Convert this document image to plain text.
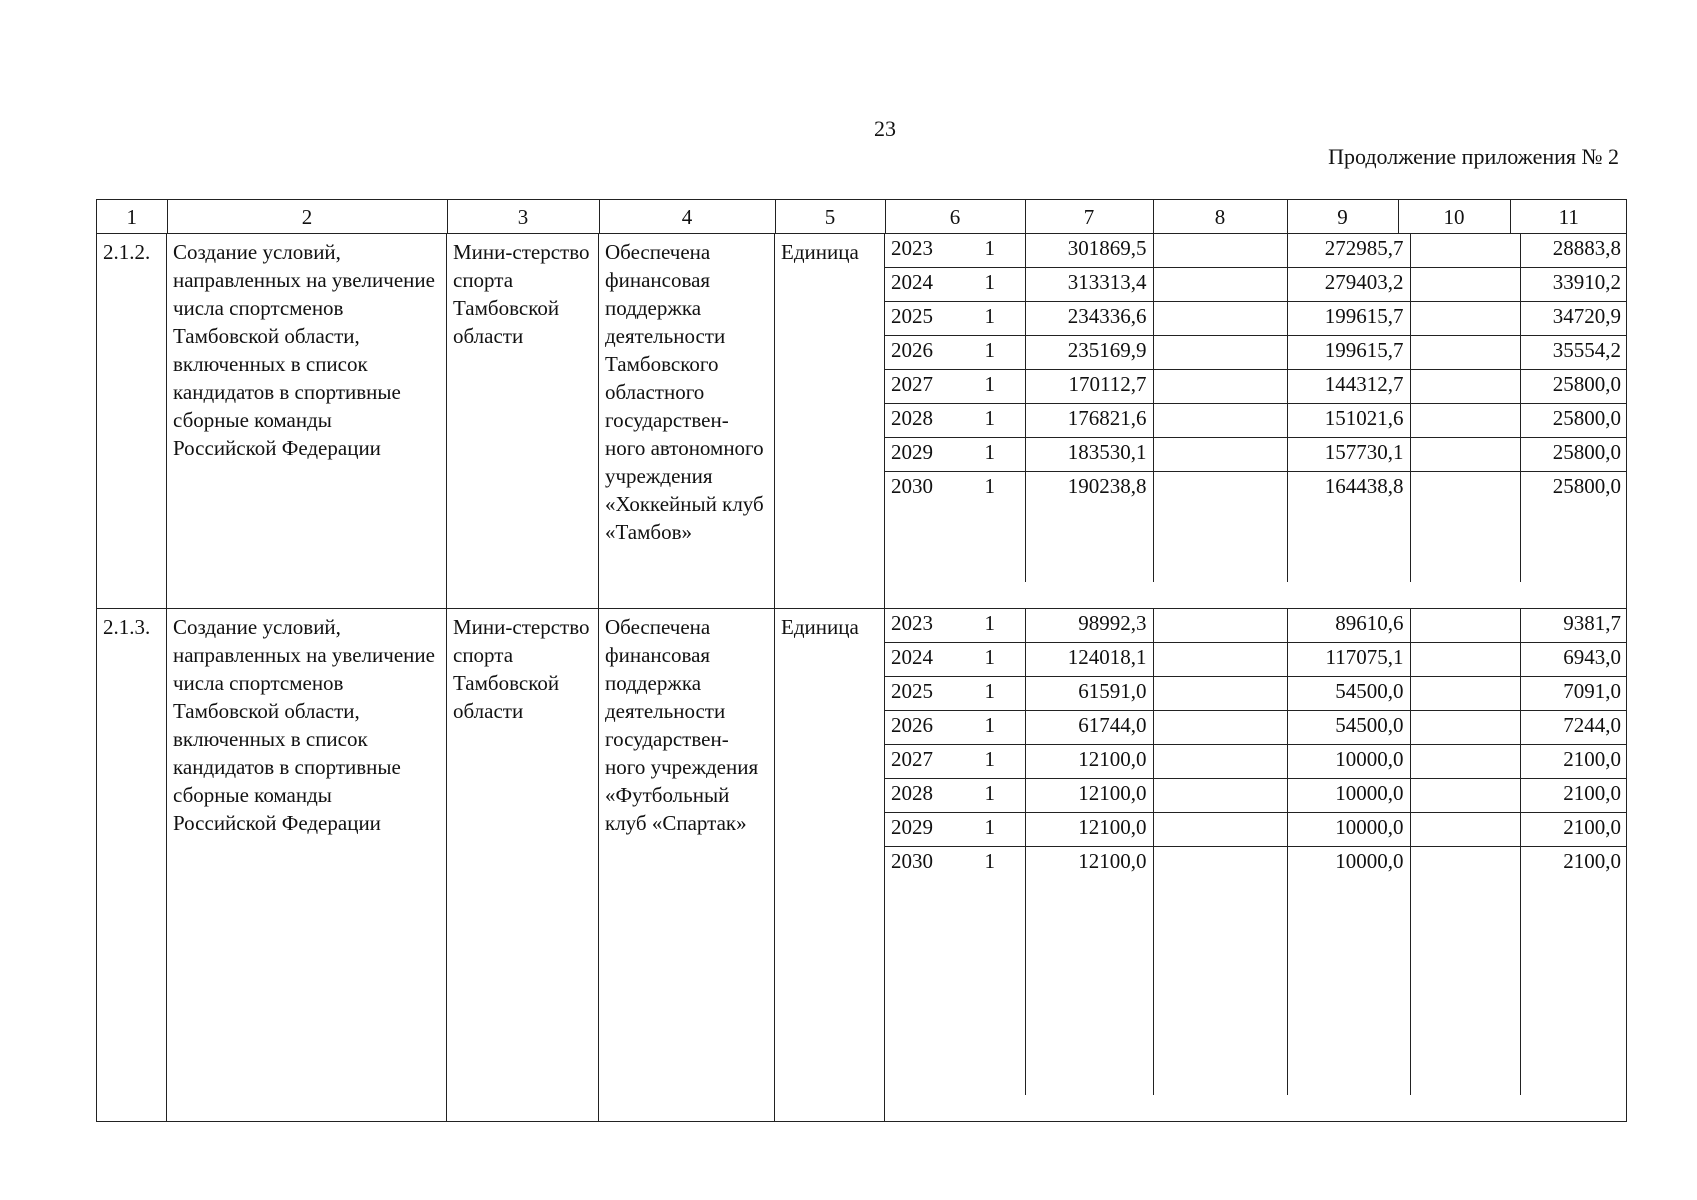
23
Продолжение приложения № 2
1	2	3	4	5	6	7	8	9	10	11

2.1.2.	Создание условий, направленных на увеличение числа спортсменов Тамбовской области, включенных в список кандидатов в спортивные сборные команды Российской Федерации	Мини-стерство спорта Тамбовской области	Обеспечена финансовая поддержка деятельности Тамбовского областного государствен-ного автономного учреждения «Хоккейный клуб «Тамбов»	Единица	2023	1	301869,5		272985,7		28883,8
2024	1	313313,4		279403,2		33910,2
2025	1	234336,6		199615,7		34720,9
2026	1	235169,9		199615,7		35554,2
2027	1	170112,7		144312,7		25800,0
2028	1	176821,6		151021,6		25800,0
2029	1	183530,1		157730,1		25800,0
2030	1	190238,8		164438,8		25800,0

2.1.3.	Создание условий, направленных на увеличение числа спортсменов Тамбовской области, включенных в список кандидатов в спортивные сборные команды Российской Федерации	Мини-стерство спорта Тамбовской области	Обеспечена финансовая поддержка деятельности государствен-ного учреждения «Футбольный клуб «Спартак»	Единица	2023	1	98992,3		89610,6		9381,7
2024	1	124018,1		117075,1		6943,0
2025	1	61591,0		54500,0		7091,0
2026	1	61744,0		54500,0		7244,0
2027	1	12100,0		10000,0		2100,0
2028	1	12100,0		10000,0		2100,0
2029	1	12100,0		10000,0		2100,0
2030	1	12100,0		10000,0		2100,0
